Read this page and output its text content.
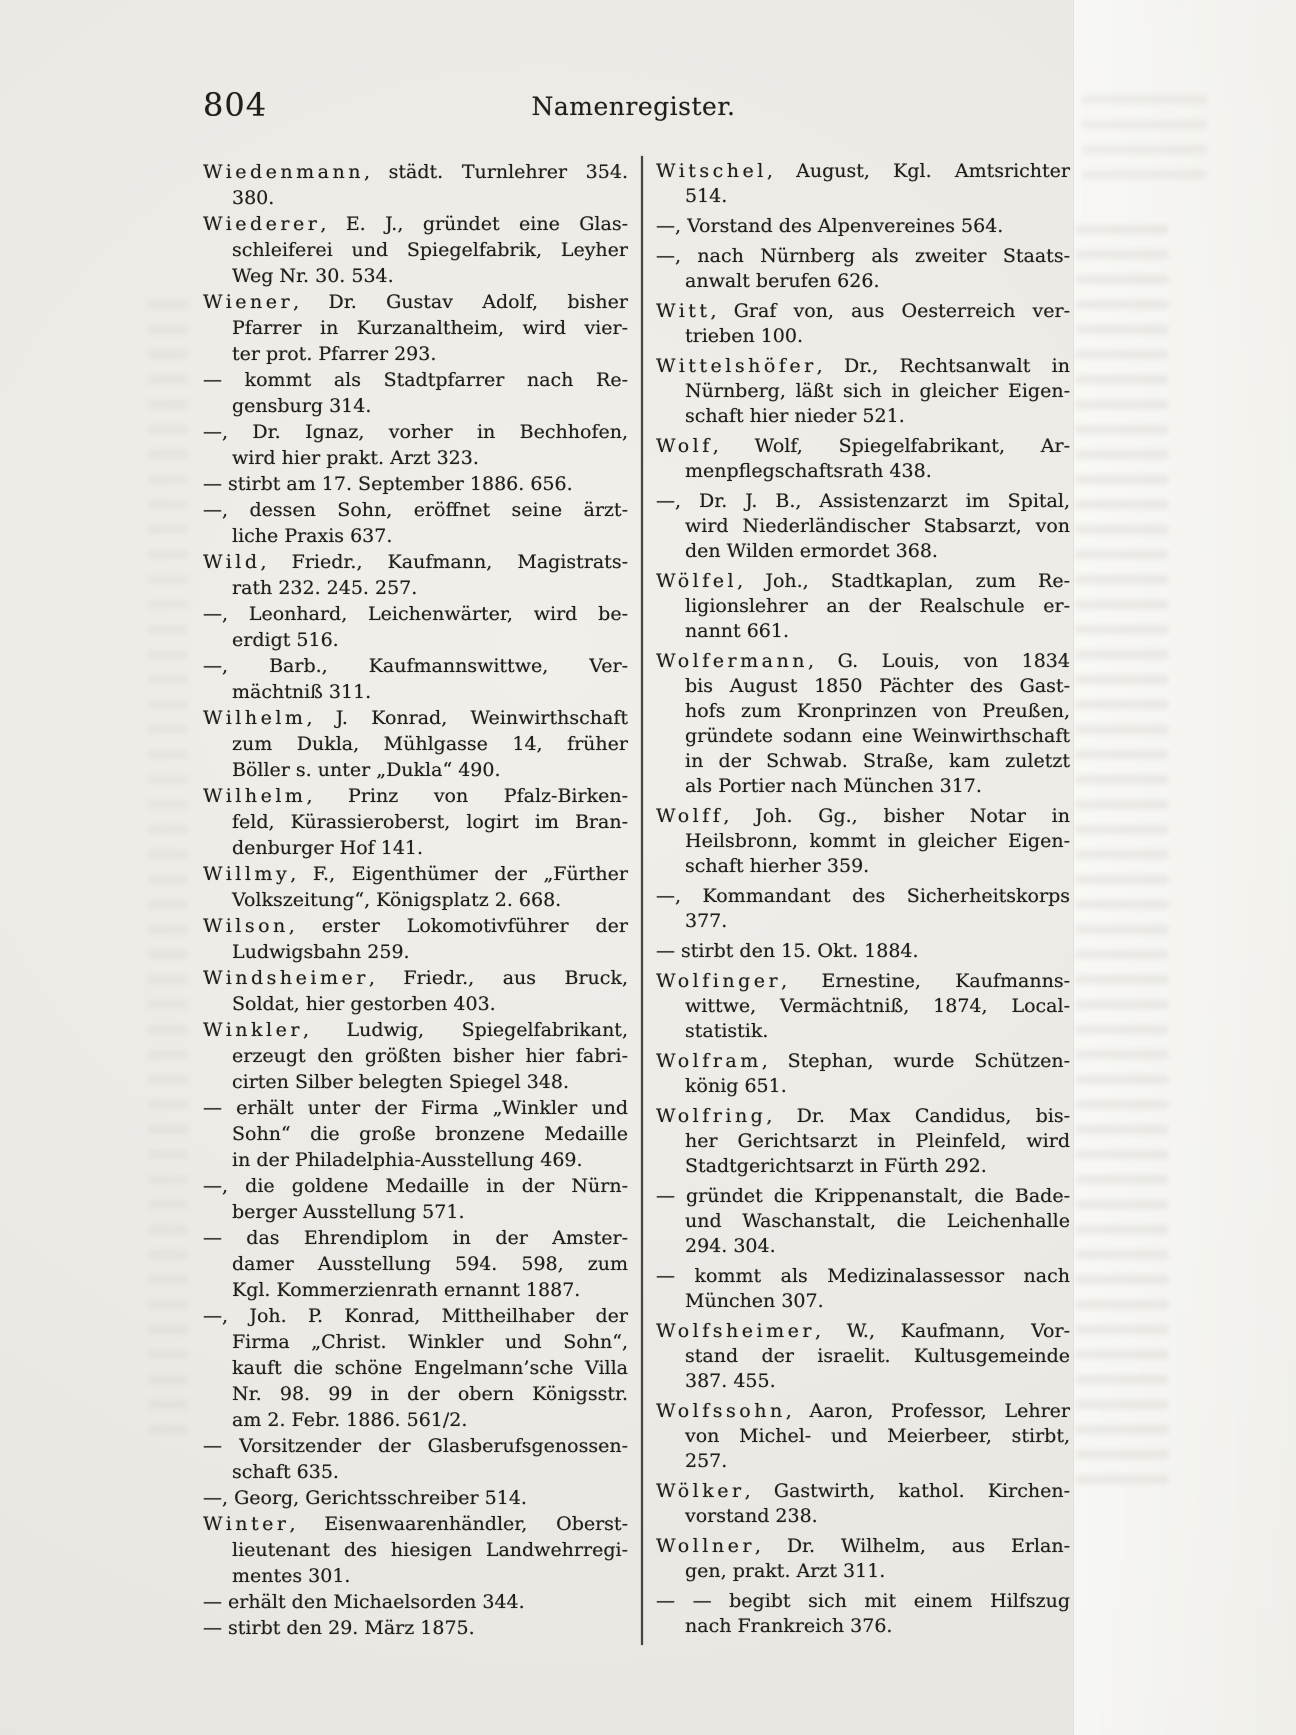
804	Namenregister.
Wiedenmann, städt. Turnlehrer 354.
380.
Wiederer, E. J., gründet eine Glas-
schleiferei und Spiegelfabrik, Leyher
Weg Nr. 30. 534.
Wiener, Dr. Gustav Adolf, bisher
Pfarrer in Kurzanaltheim, wird vier-
ter prot. Pfarrer 293.
— kommt als Stadtpfarrer nach Re-
gensburg 314.
—, Dr. Ignaz, vorher in Bechhofen,
wird hier prakt. Arzt 323.
— stirbt am 17. September 1886. 656.
—, dessen Sohn, eröffnet seine ärzt-
liche Praxis 637.
Wild, Friedr., Kaufmann, Magistrats-
rath 232. 245. 257.
—, Leonhard, Leichenwärter, wird be-
erdigt 516.
—, Barb., Kaufmannswittwe, Ver-
mächtniß 311.
Wilhelm, J. Konrad, Weinwirthschaft
zum Dukla, Mühlgasse 14, früher
Böller s. unter „Dukla“ 490.
Wilhelm, Prinz von Pfalz-Birken-
feld, Kürassieroberst, logirt im Bran-
denburger Hof 141.
Willmy, F., Eigenthümer der „Fürther
Volkszeitung“, Königsplatz 2. 668.
Wilson, erster Lokomotivführer der
Ludwigsbahn 259.
Windsheimer, Friedr., aus Bruck,
Soldat, hier gestorben 403.
Winkler, Ludwig, Spiegelfabrikant,
erzeugt den größten bisher hier fabri-
cirten Silber belegten Spiegel 348.
— erhält unter der Firma „Winkler und
Sohn“ die große bronzene Medaille
in der Philadelphia-Ausstellung 469.
—, die goldene Medaille in der Nürn-
berger Ausstellung 571.
— das Ehrendiplom in der Amster-
damer Ausstellung 594. 598, zum
Kgl. Kommerzienrath ernannt 1887.
—, Joh. P. Konrad, Mittheilhaber der
Firma „Christ. Winkler und Sohn“,
kauft die schöne Engelmann’sche Villa
Nr. 98. 99 in der obern Königsstr.
am 2. Febr. 1886. 561/2.
— Vorsitzender der Glasberufsgenossen-
schaft 635.
—, Georg, Gerichtsschreiber 514.
Winter, Eisenwaarenhändler, Oberst-
lieutenant des hiesigen Landwehrregi-
mentes 301.
— erhält den Michaelsorden 344.
— stirbt den 29. März 1875.
Witschel, August, Kgl. Amtsrichter
514.
—, Vorstand des Alpenvereines 564.
—, nach Nürnberg als zweiter Staats-
anwalt berufen 626.
Witt, Graf von, aus Oesterreich ver-
trieben 100.
Wittelshöfer, Dr., Rechtsanwalt in
Nürnberg, läßt sich in gleicher Eigen-
schaft hier nieder 521.
Wolf, Wolf, Spiegelfabrikant, Ar-
menpflegschaftsrath 438.
—, Dr. J. B., Assistenzarzt im Spital,
wird Niederländischer Stabsarzt, von
den Wilden ermordet 368.
Wölfel, Joh., Stadtkaplan, zum Re-
ligionslehrer an der Realschule er-
nannt 661.
Wolfermann, G. Louis, von 1834
bis August 1850 Pächter des Gast-
hofs zum Kronprinzen von Preußen,
gründete sodann eine Weinwirthschaft
in der Schwab. Straße, kam zuletzt
als Portier nach München 317.
Wolff, Joh. Gg., bisher Notar in
Heilsbronn, kommt in gleicher Eigen-
schaft hierher 359.
—, Kommandant des Sicherheitskorps
377.
— stirbt den 15. Okt. 1884.
Wolfinger, Ernestine, Kaufmanns-
wittwe, Vermächtniß, 1874, Local-
statistik.
Wolfram, Stephan, wurde Schützen-
könig 651.
Wolfring, Dr. Max Candidus, bis-
her Gerichtsarzt in Pleinfeld, wird
Stadtgerichtsarzt in Fürth 292.
— gründet die Krippenanstalt, die Bade-
und Waschanstalt, die Leichenhalle
294. 304.
— kommt als Medizinalassessor nach
München 307.
Wolfsheimer, W., Kaufmann, Vor-
stand der israelit. Kultusgemeinde
387. 455.
Wolfssohn, Aaron, Professor, Lehrer
von Michel- und Meierbeer, stirbt,
257.
Wölker, Gastwirth, kathol. Kirchen-
vorstand 238.
Wollner, Dr. Wilhelm, aus Erlan-
gen, prakt. Arzt 311.
— — begibt sich mit einem Hilfszug
nach Frankreich 376.
